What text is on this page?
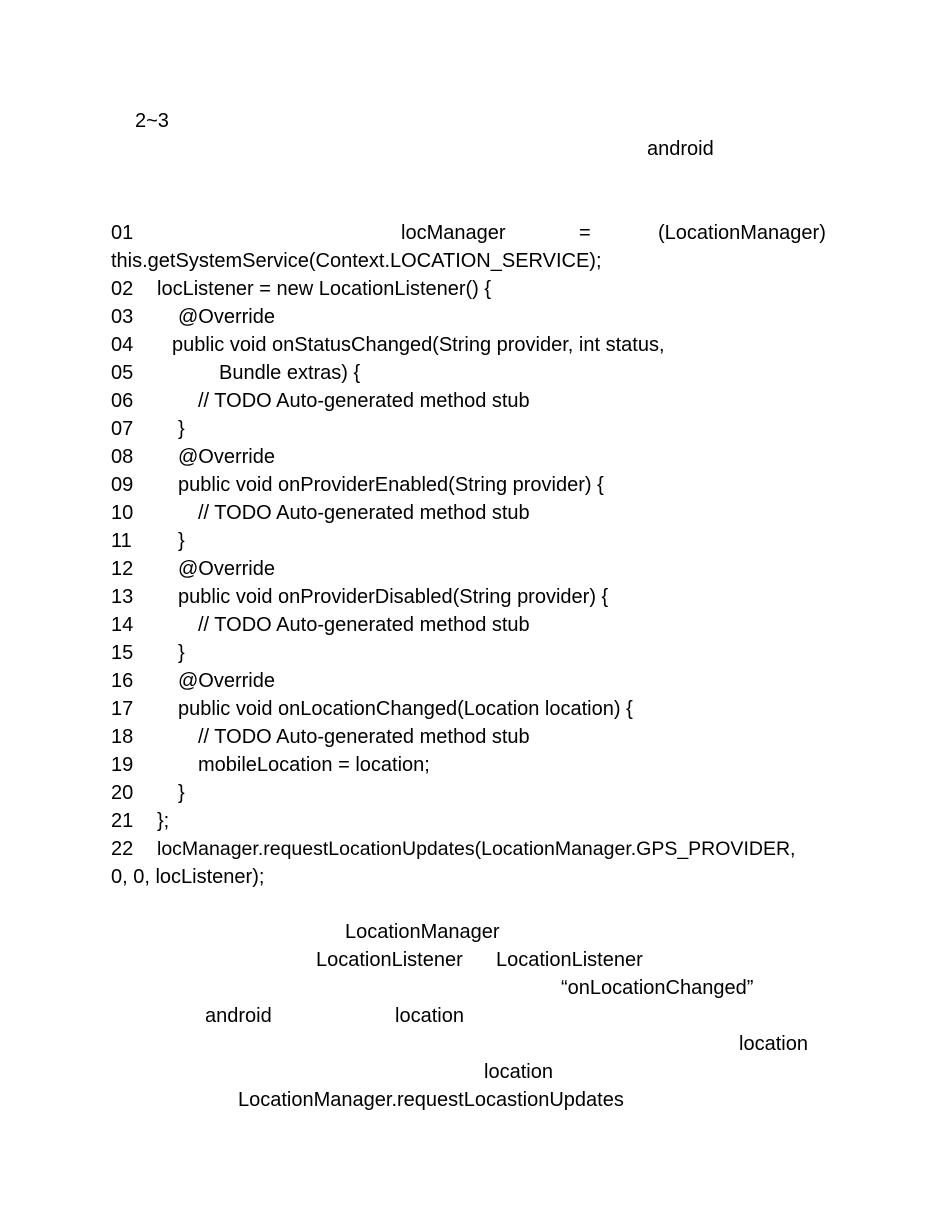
2~3
android
01	locManager	=	(LocationManager)
this.getSystemService(Context.LOCATION_SERVICE);
02 locListener = new LocationListener() {
03 @Override
04 public void onStatusChanged(String provider, int status,
05	Bundle extras) {
06	// TODO Auto-generated method stub
07 }
08 @Override
09 public void onProviderEnabled(String provider) {
10	// TODO Auto-generated method stub
11 }
12 @Override
13 public void onProviderDisabled(String provider) {
14	// TODO Auto-generated method stub
15 }
16 @Override
17 public void onLocationChanged(Location location) {
18	// TODO Auto-generated method stub
19	mobileLocation = location;
20 }
21 };
22 locManager.requestLocationUpdates(LocationManager.GPS_PROVIDER,
0, 0, locListener);
LocationManager
LocationListener LocationListener
“onLocationChanged”
android	location
location
location
LocationManager.requestLocastionUpdates
